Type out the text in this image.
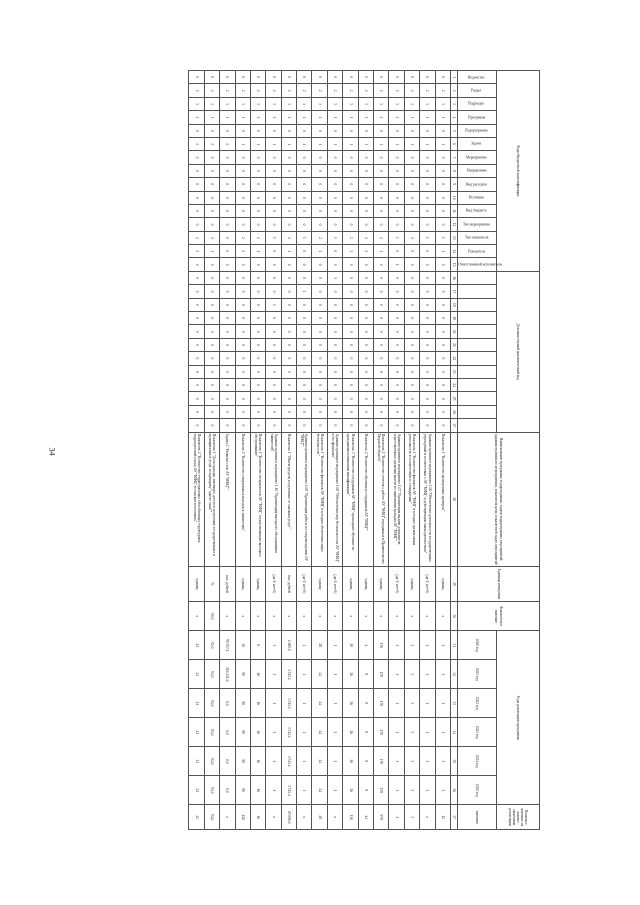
34
Коды бюджетной классификации															Дополнительный аналитический код												Наименование программы, подпрограммы, задачи подпрограммы, мероприятий (административного мероприятия), показателя цели, показателей задач, мероприятий	Единица измерения	Фактическое значение	Годы реализации программы						Плановое значение на момент окончания реализации
Ведомство	Раздел	Подраздел	Программа	Подпрограмма	Задача	Мероприятие	Направление	Вид расходов	Источник	Вид бюджета	Тип мероприятия	Тип показателя	Показатель	Ответственный исполнитель																2020 год	2021 год	2022 год	2023 год	2024 год	2025 год	значение
1	2	3	4	5	6	7	8	9	10	11	12	13	14	15	16	17	18	19	20	21	22	23	24	25	26	27	28	29	30	31	32	33	34	35	36	37
0	2	3	1	0	1	0	0	0	0	0	0	1	1	0	0	0	0	0	0	0	0	0	0	0	0	0	Показатель 1 "Количество проведенных проверок"	единиц	х	1	1	1	1	1	1	12
0	2	3	1	0	1	0	0	0	0	0	0	1	0	0	0	0	0	0	0	0	0	0	0	0	0	0	Административное мероприятие 1.06 "Обеспечение деятельности государственных учреждений в соответствии с АУ "МФЦ" и действующим законодательством"	(да-1/ нет-0)	х	1	1	1	1	1	1	х
0	2	3	1	0	1	0	0	0	0	0	0	2	0	0	0	0	0	0	0	0	0	0	0	0	0	0	Показатель 1 "Количество филиалов АУ "МФЦ" в которых организована деятельность в соответствии со стандартами"	единиц	х	3	3	3	3	3	3	3
0	2	3	1	0	1	0	0	0	0	0	0	1	0	1	0	0	0	0	0	0	0	0	0	0	0	0	Административное мероприятие 1.07 "Организация выдачи документов, подготовленных органами власти по заявлениям граждан АУ "МФЦ""	(да-1/ нет-0)	х	1	1	1	1	1	1	1
0	2	3	1	0	1	0	0	0	0	0	0	2	1	0	0	0	0	0	0	0	0	0	0	0	0	0	Показатель 1 "Количество отчетов о работе АУ "МФЦ" переданных в Правительство Тверской области"	единиц	х	176	178	178	178	178	178	978
0	2	3	1	0	1	0	0	0	0	0	0	2	2	0	0	0	0	0	0	0	0	0	0	0	0	0	Показатель 2 "Количество обученных сотрудников АУ "МФЦ""	единиц	х	4	8	8	8	8	8	44
0	2	3	1	0	1	0	0	0	0	0	0	2	3	0	0	0	0	0	0	0	0	0	0	0	0	0	Показатель 3 "Количество сотрудников АУ "МФЦ" прошедших обучение по программам повышения квалификации"	единиц	х	10	26	26	26	26	26	110
0	2	3	1	0	1	0	0	0	0	0	0	1	0	0	1	0	0	0	0	0	0	0	0	0	0	0	Административное мероприятие 1.08 "Обеспечение мер безопасности в АУ "МФЦ" и его филиалах"	(да-1/ нет-0)	х	1	1	1	1	1	1	х
0	2	3	1	0	1	0	0	0	0	0	0	2	1	0	0	0	0	0	0	0	0	0	0	0	0	0	Показатель 1 "Количество филиалов АУ "МФЦ" в которых обеспечены меры безопасности"	единиц	х	28	44	44	44	44	44	48
0	2	3	1	0	1	0	0	0	0	0	0	1	0	0	0	1	0	0	0	0	0	0	0	0	0	0	Административное мероприятие 1.09 "Организация работы по сопровождению АУ "МФЦ""	(да-1/ нет-0)	х	1	1	1	1	1	1	х
0	2	3	1	0	1	0	0	0	0	0	0	2	1	0	0	0	0	0	0	0	0	0	0	0	0	0	Показатель 1 "Объем средств, полученных от оказания услуг"	тыс. рублей	х	2 000,0	3 511,4	3 511,4	3 511,4	3 511,4	3 511,4	29 096,0
0	2	3	1	0	1	0	0	0	0	0	0	1	0	0	0	0	1	0	0	0	0	0	0	0	0	0	Административное мероприятие 1.10 "Организация выездного обслуживания заявителей"	(да-1/ нет-0)	х	1	1	1	1	1	1	х
0	2	3	1	0	1	0	0	0	0	0	0	2	1	0	0	0	0	0	0	0	0	0	0	0	0	0	Показатель 1 "Количество специалистов АУ "МФЦ" осуществляющих выездное обслуживание"	единиц	х	8	16	16	16	16	16	16
0	2	3	1	0	1	0	0	0	0	0	0	2	2	0	0	0	0	0	0	0	0	0	0	0	0	0	Показатель 2 "Количество совершенных выездов к заявителям"	единиц	х	30	80	80	80	80	80	440
0	2	3	1	0	2	0	0	0	0	0	0	0	0	0	0	0	0	0	0	0	0	0	0	0	0	0	Задача 2 "Развитие сети АУ "МФЦ""	тыс. рублей	х	99 357,1	116 231,6	0,0	0,0	0,0	0,0	х
0	2	3	1	0	2	0	0	0	0	0	0	2	1	0	0	0	0	0	0	0	0	0	0	0	0	0	Показатель 1 "Доля граждан, имеющих доступ к получению государственных и муниципальных услуг по принципу "одного окна""	%	90,0	92,0	94,0	94,0	94,0	94,0	94,0	94,0
0	2	3	1	0	2	0	0	0	0	0	0	2	2	0	0	0	0	0	0	0	0	0	0	0	0	0	Показатель 2 "Количество территориально обособленных структурных подразделений (окон) АУ "МФЦ" в сельских поселениях"	единиц	х	41	41	41	41	41	41	41
